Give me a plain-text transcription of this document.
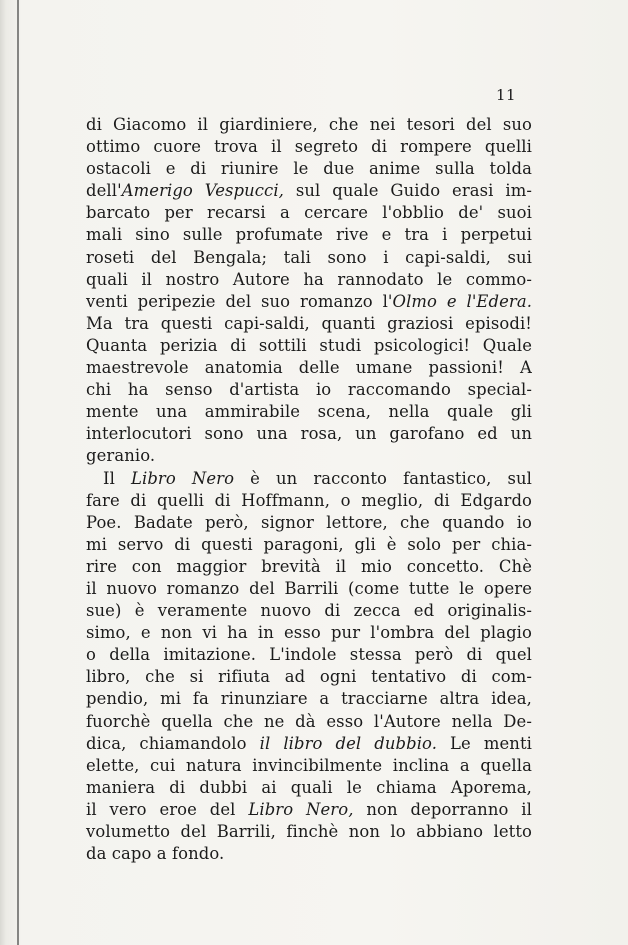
11
di Giacomo il giardiniere, che nei tesori del suo
ottimo cuore trova il segreto di rompere quelli
ostacoli e di riunire le due anime sulla tolda
dell'Amerigo Vespucci, sul quale Guido erasi im-
barcato per recarsi a cercare l'obblio de' suoi
mali sino sulle profumate rive e tra i perpetui
roseti del Bengala; tali sono i capi-saldi, sui
quali il nostro Autore ha rannodato le commo-
venti peripezie del suo romanzo l'Olmo e l'Edera.
Ma tra questi capi-saldi, quanti graziosi episodi!
Quanta perizia di sottili studi psicologici! Quale
maestrevole anatomia delle umane passioni! A
chi ha senso d'artista io raccomando special-
mente una ammirabile scena, nella quale gli
interlocutori sono una rosa, un garofano ed un
geranio.
Il Libro Nero è un racconto fantastico, sul
fare di quelli di Hoffmann, o meglio, di Edgardo
Poe. Badate però, signor lettore, che quando io
mi servo di questi paragoni, gli è solo per chia-
rire con maggior brevità il mio concetto. Chè
il nuovo romanzo del Barrili (come tutte le opere
sue) è veramente nuovo di zecca ed originalis-
simo, e non vi ha in esso pur l'ombra del plagio
o della imitazione. L'indole stessa però di quel
libro, che si rifiuta ad ogni tentativo di com-
pendio, mi fa rinunziare a tracciarne altra idea,
fuorchè quella che ne dà esso l'Autore nella De-
dica, chiamandolo il libro del dubbio. Le menti
elette, cui natura invincibilmente inclina a quella
maniera di dubbi ai quali le chiama Aporema,
il vero eroe del Libro Nero, non deporranno il
volumetto del Barrili, finchè non lo abbiano letto
da capo a fondo.
